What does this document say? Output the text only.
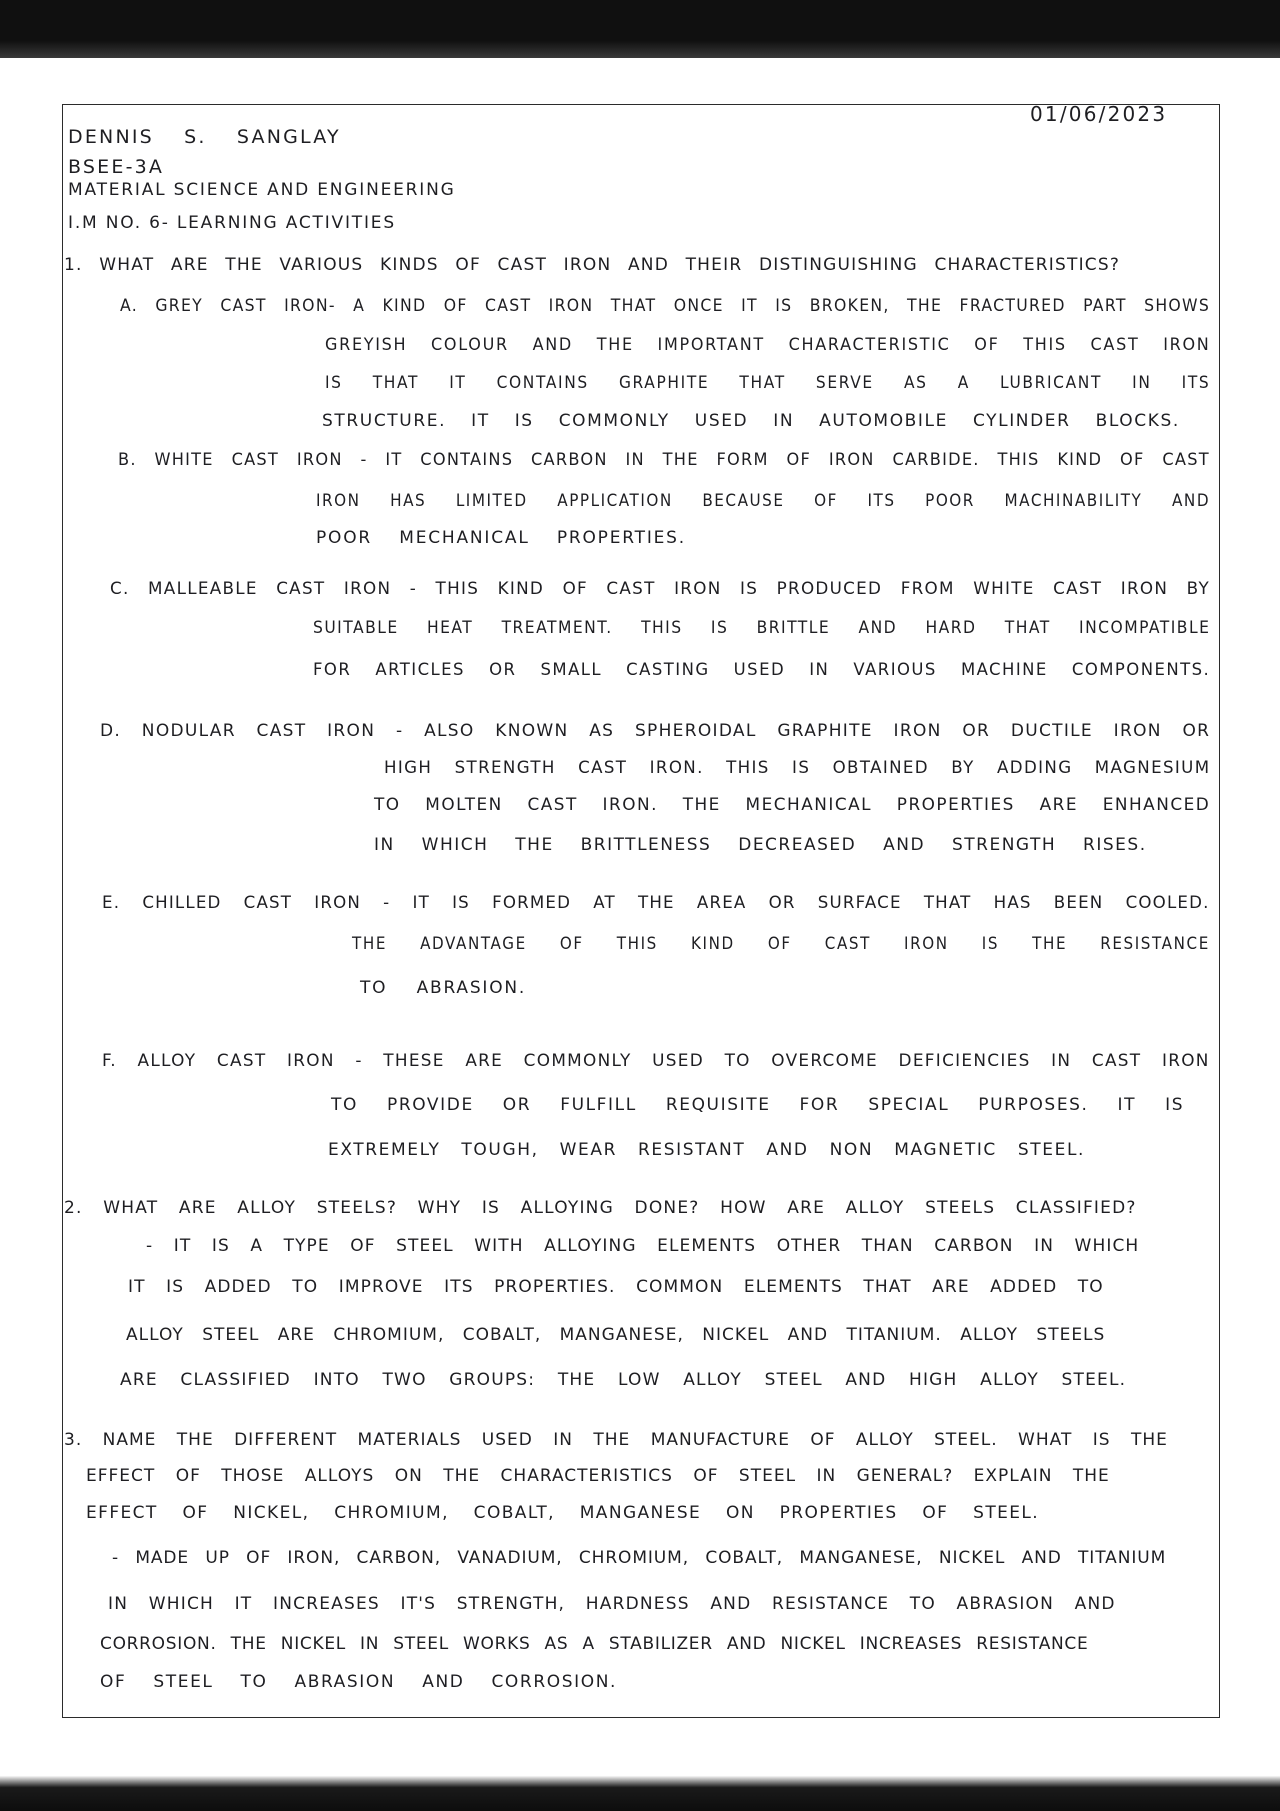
01/06/2023
DENNIS S. SANGLAY
BSEE-3A
MATERIAL SCIENCE AND ENGINEERING
I.M NO. 6- LEARNING ACTIVITIES
1. WHAT ARE THE VARIOUS KINDS OF CAST IRON AND THEIR DISTINGUISHING CHARACTERISTICS?
A. GREY CAST IRON- A KIND OF CAST IRON THAT ONCE IT IS BROKEN, THE FRACTURED PART SHOWS
GREYISH COLOUR AND THE IMPORTANT CHARACTERISTIC OF THIS CAST IRON
IS THAT IT CONTAINS GRAPHITE THAT SERVE AS A LUBRICANT IN ITS
STRUCTURE. IT IS COMMONLY USED IN AUTOMOBILE CYLINDER BLOCKS.
B. WHITE CAST IRON - IT CONTAINS CARBON IN THE FORM OF IRON CARBIDE. THIS KIND OF CAST
IRON HAS LIMITED APPLICATION BECAUSE OF ITS POOR MACHINABILITY AND
POOR MECHANICAL PROPERTIES.
C. MALLEABLE CAST IRON - THIS KIND OF CAST IRON IS PRODUCED FROM WHITE CAST IRON BY
SUITABLE HEAT TREATMENT. THIS IS BRITTLE AND HARD THAT INCOMPATIBLE
FOR ARTICLES OR SMALL CASTING USED IN VARIOUS MACHINE COMPONENTS.
D. NODULAR CAST IRON - ALSO KNOWN AS SPHEROIDAL GRAPHITE IRON OR DUCTILE IRON OR
HIGH STRENGTH CAST IRON. THIS IS OBTAINED BY ADDING MAGNESIUM
TO MOLTEN CAST IRON. THE MECHANICAL PROPERTIES ARE ENHANCED
IN WHICH THE BRITTLENESS DECREASED AND STRENGTH RISES.
E. CHILLED CAST IRON - IT IS FORMED AT THE AREA OR SURFACE THAT HAS BEEN COOLED.
THE ADVANTAGE OF THIS KIND OF CAST IRON IS THE RESISTANCE
TO ABRASION.
F. ALLOY CAST IRON - THESE ARE COMMONLY USED TO OVERCOME DEFICIENCIES IN CAST IRON
TO PROVIDE OR FULFILL REQUISITE FOR SPECIAL PURPOSES. IT IS
EXTREMELY TOUGH, WEAR RESISTANT AND NON MAGNETIC STEEL.
2. WHAT ARE ALLOY STEELS? WHY IS ALLOYING DONE? HOW ARE ALLOY STEELS CLASSIFIED?
- IT IS A TYPE OF STEEL WITH ALLOYING ELEMENTS OTHER THAN CARBON IN WHICH
IT IS ADDED TO IMPROVE ITS PROPERTIES. COMMON ELEMENTS THAT ARE ADDED TO
ALLOY STEEL ARE CHROMIUM, COBALT, MANGANESE, NICKEL AND TITANIUM. ALLOY STEELS
ARE CLASSIFIED INTO TWO GROUPS: THE LOW ALLOY STEEL AND HIGH ALLOY STEEL.
3. NAME THE DIFFERENT MATERIALS USED IN THE MANUFACTURE OF ALLOY STEEL. WHAT IS THE
EFFECT OF THOSE ALLOYS ON THE CHARACTERISTICS OF STEEL IN GENERAL? EXPLAIN THE
EFFECT OF NICKEL, CHROMIUM, COBALT, MANGANESE ON PROPERTIES OF STEEL.
- MADE UP OF IRON, CARBON, VANADIUM, CHROMIUM, COBALT, MANGANESE, NICKEL AND TITANIUM
IN WHICH IT INCREASES IT'S STRENGTH, HARDNESS AND RESISTANCE TO ABRASION AND
CORROSION. THE NICKEL IN STEEL WORKS AS A STABILIZER AND NICKEL INCREASES RESISTANCE
OF STEEL TO ABRASION AND CORROSION.
